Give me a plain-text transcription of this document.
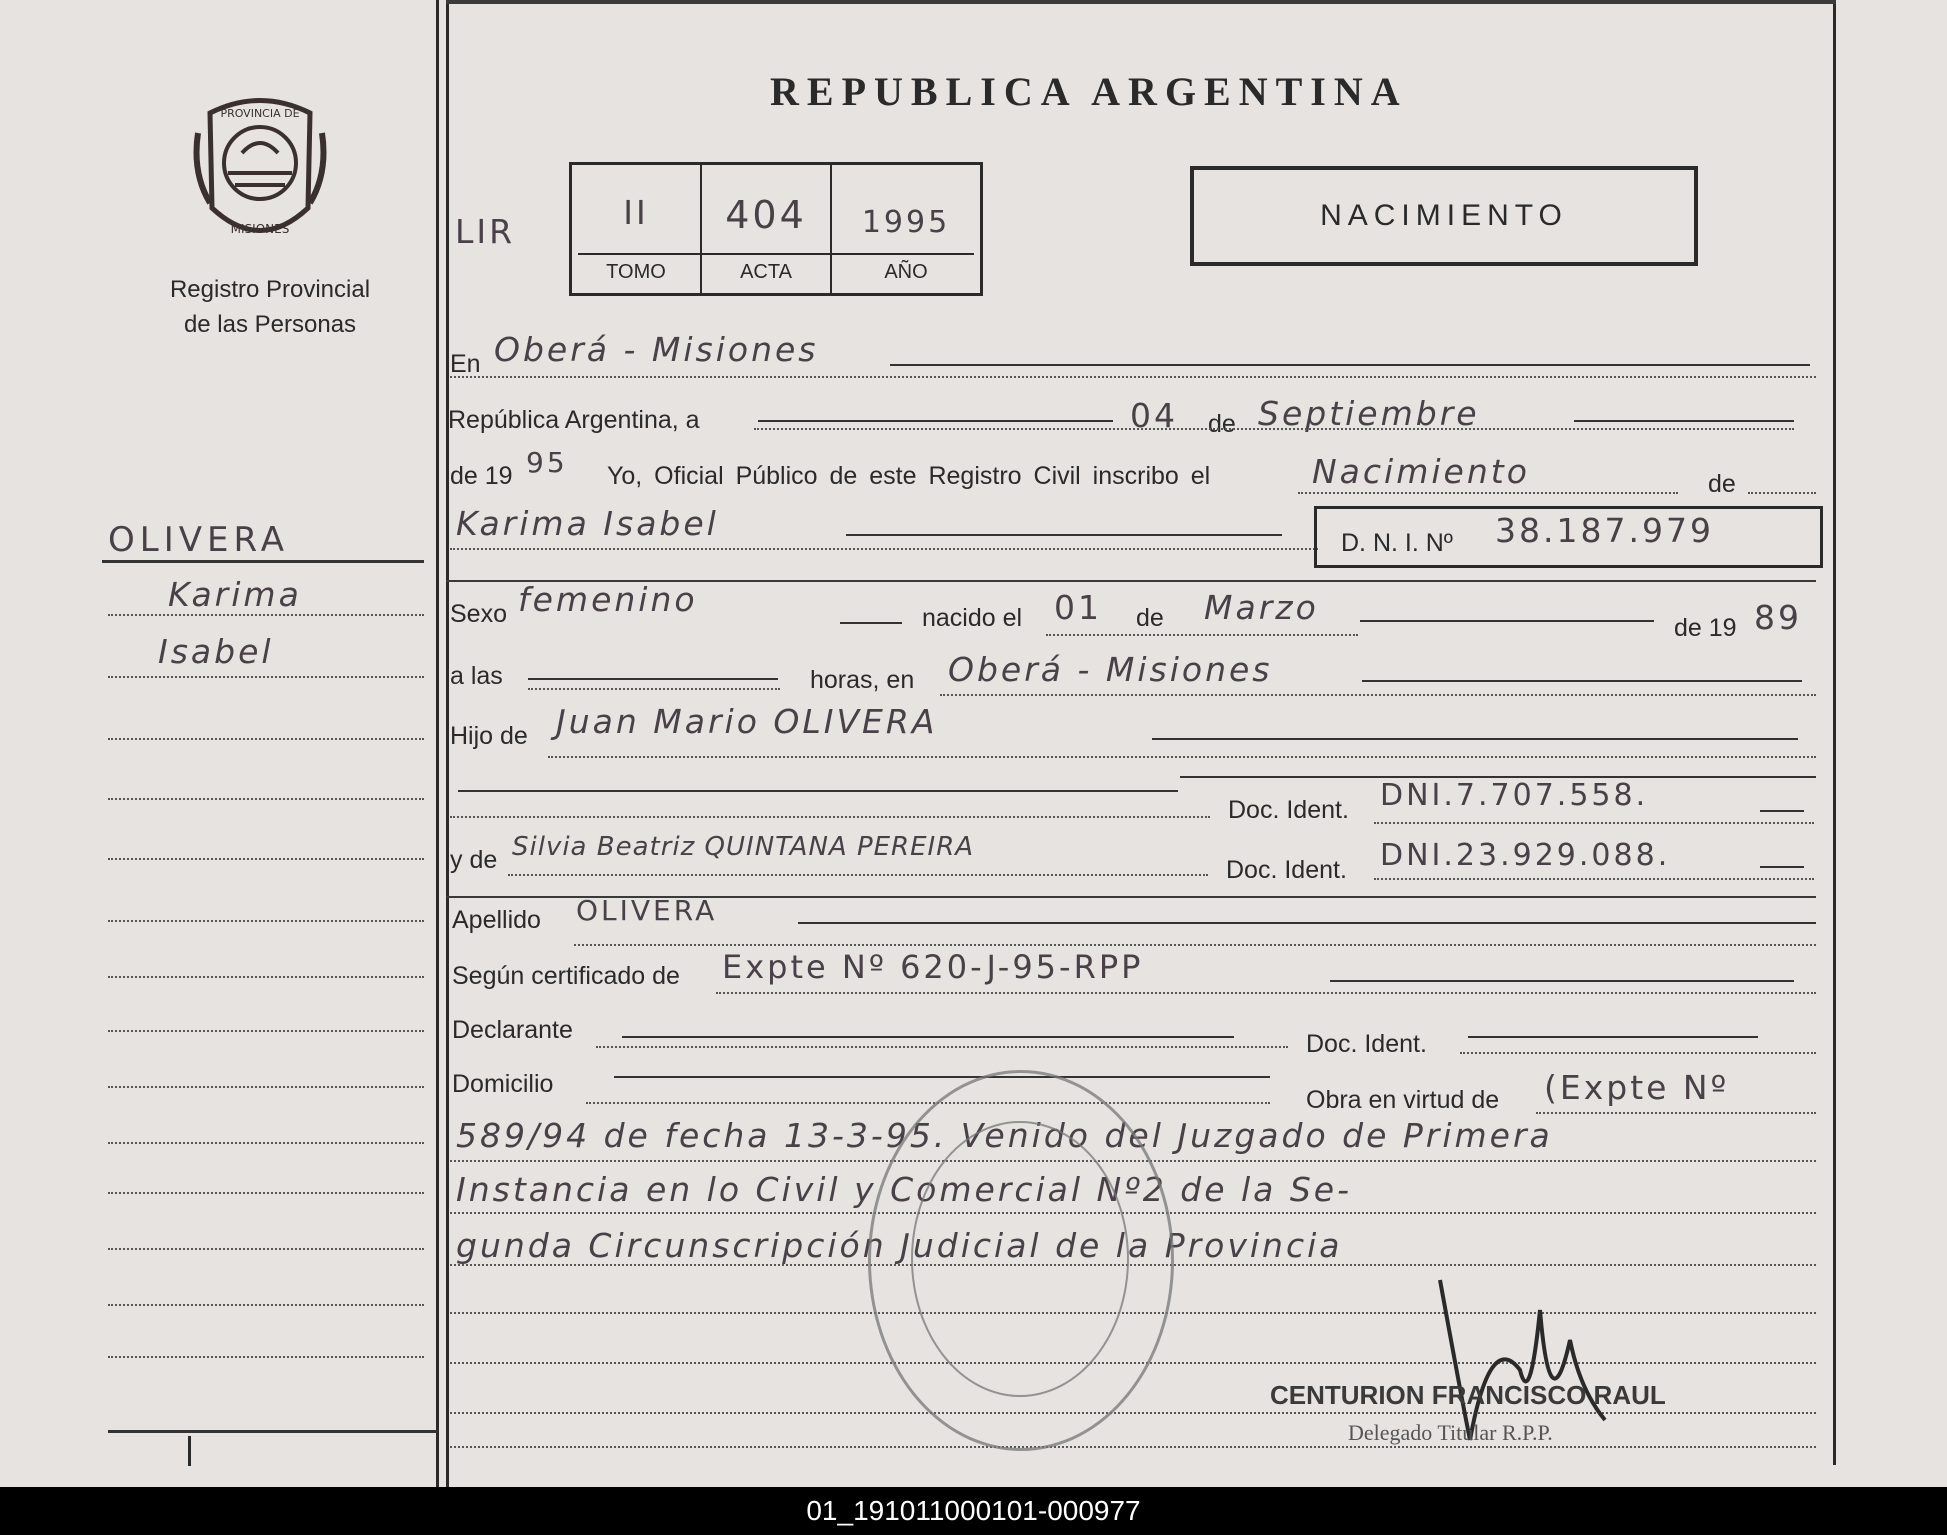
PROVINCIA DE
MISIONES
Registro Provincial
de las Personas
OLIVERA
Karima
Isabel
REPUBLICA ARGENTINA
LIR	II	404	1995
TOMO	ACTA	AÑO
NACIMIENTO
En Oberá - Misiones
República Argentina, a	04 de Septiembre
de 19 95 Yo, Oficial Público de este Registro Civil inscribo el	Nacimiento	de
Karima Isabel	D. N. I. Nº 38.187.979
Sexo femenino	nacido el 01 de Marzo
de 19 89
a las	horas, en Oberá - Misiones
Hijo de Juan Mario OLIVERA
Doc. Ident. DNI.7.707.558.
y de Silvia Beatriz QUINTANA PEREIRA
Doc. Ident. DNI.23.929.088.
Apellido OLIVERA
Según certificado de Expte Nº 620-J-95-RPP
Declarante	Doc. Ident.
Domicilio
Obra en virtud de (Expte Nº
589/94 de fecha 13-3-95. Venido del Juzgado de Primera
Instancia en lo Civil y Comercial Nº2 de la Se-
gunda Circunscripción Judicial de la Provincia
CENTURION FRANCISCO RAUL
Delegado Titular R.P.P.
01_191011000101-000977
